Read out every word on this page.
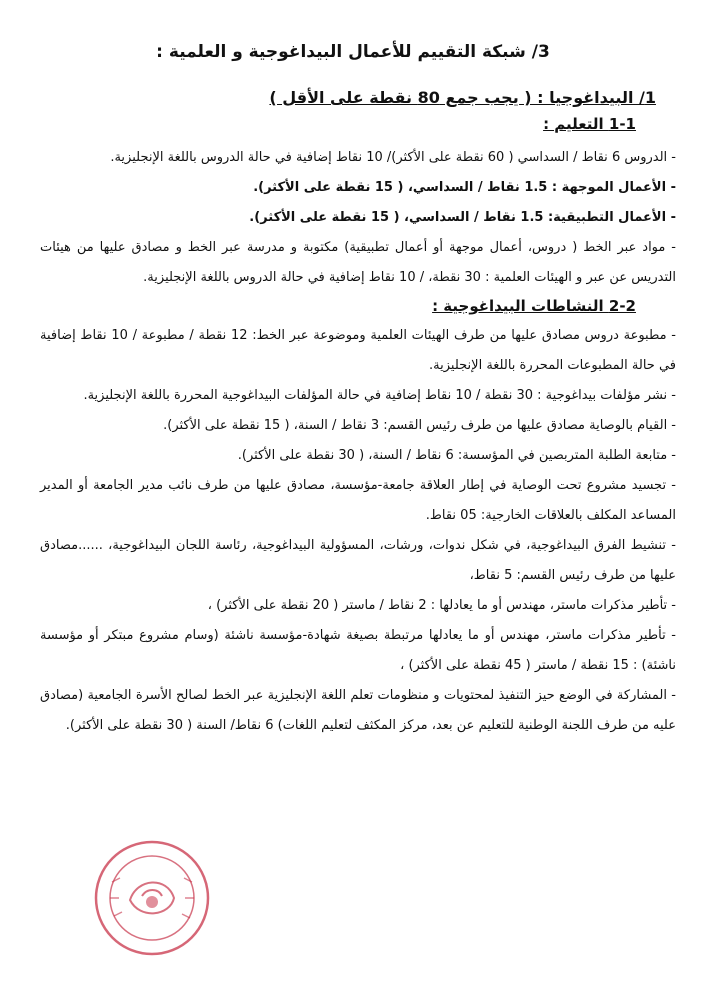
3/ شبكة التقييم للأعمال البيداغوجية و العلمية :
1/ البيداغوجيا : ( يجب جمع 80 نقطة على الأقل )
1-1 التعليم :

- الدروس 6 نقاط / السداسي ( 60 نقطة على الأكثر)/ 10 نقاط إضافية في حالة الدروس باللغة الإنجليزية.

- الأعمال الموجهة : 1.5 نقاط / السداسي، ( 15 نقطة على الأكثر).

- الأعمال التطبيقية: 1.5 نقاط / السداسي، ( 15 نقطة على الأكثر).

- مواد عبر الخط ( دروس، أعمال موجهة أو أعمال تطبيقية) مكتوبة و مدرسة عبر الخط و مصادق عليها من هيئات التدريس عن عبر و الهيئات العلمية : 30 نقطة، / 10 نقاط إضافية في حالة الدروس باللغة الإنجليزية.

2-2 النشاطات البيداغوجية :

- مطبوعة دروس مصادق عليها من طرف الهيئات العلمية وموضوعة عبر الخط: 12 نقطة / مطبوعة / 10 نقاط إضافية في حالة المطبوعات المحررة باللغة الإنجليزية.

- نشر مؤلفات بيداغوجية : 30 نقطة / 10 نقاط إضافية في حالة المؤلفات البيداغوجية المحررة باللغة الإنجليزية.

- القيام بالوصاية مصادق عليها من طرف رئيس القسم: 3 نقاط / السنة، ( 15 نقطة على الأكثر).

- متابعة الطلبة المتربصين في المؤسسة: 6 نقاط / السنة، ( 30 نقطة على الأكثر).

- تجسيد مشروع تحت الوصاية في إطار العلاقة جامعة-مؤسسة، مصادق عليها من طرف نائب مدير الجامعة أو المدير المساعد المكلف بالعلاقات الخارجية: 05 نقاط.

- تنشيط الفرق البيداغوجية، في شكل ندوات، ورشات، المسؤولية البيداغوجية، رئاسة اللجان البيداغوجية، ......مصادق عليها من طرف رئيس القسم: 5 نقاط،

- تأطير مذكرات ماستر، مهندس أو ما يعادلها : 2 نقاط / ماستر ( 20 نقطة على الأكثر) ،

- تأطير مذكرات ماستر، مهندس أو ما يعادلها مرتبطة بصيغة شهادة-مؤسسة ناشئة (وسام مشروع مبتكر أو مؤسسة ناشئة) : 15 نقطة / ماستر ( 45 نقطة على الأكثر) ،

- المشاركة في الوضع حيز التنفيذ لمحتويات و منظومات تعلم اللغة الإنجليزية عبر الخط لصالح الأسرة الجامعية (مصادق عليه من طرف اللجنة الوطنية للتعليم عن بعد، مركز المكثف لتعليم اللغات) 6 نقاط/ السنة ( 30 نقطة على الأكثر).
